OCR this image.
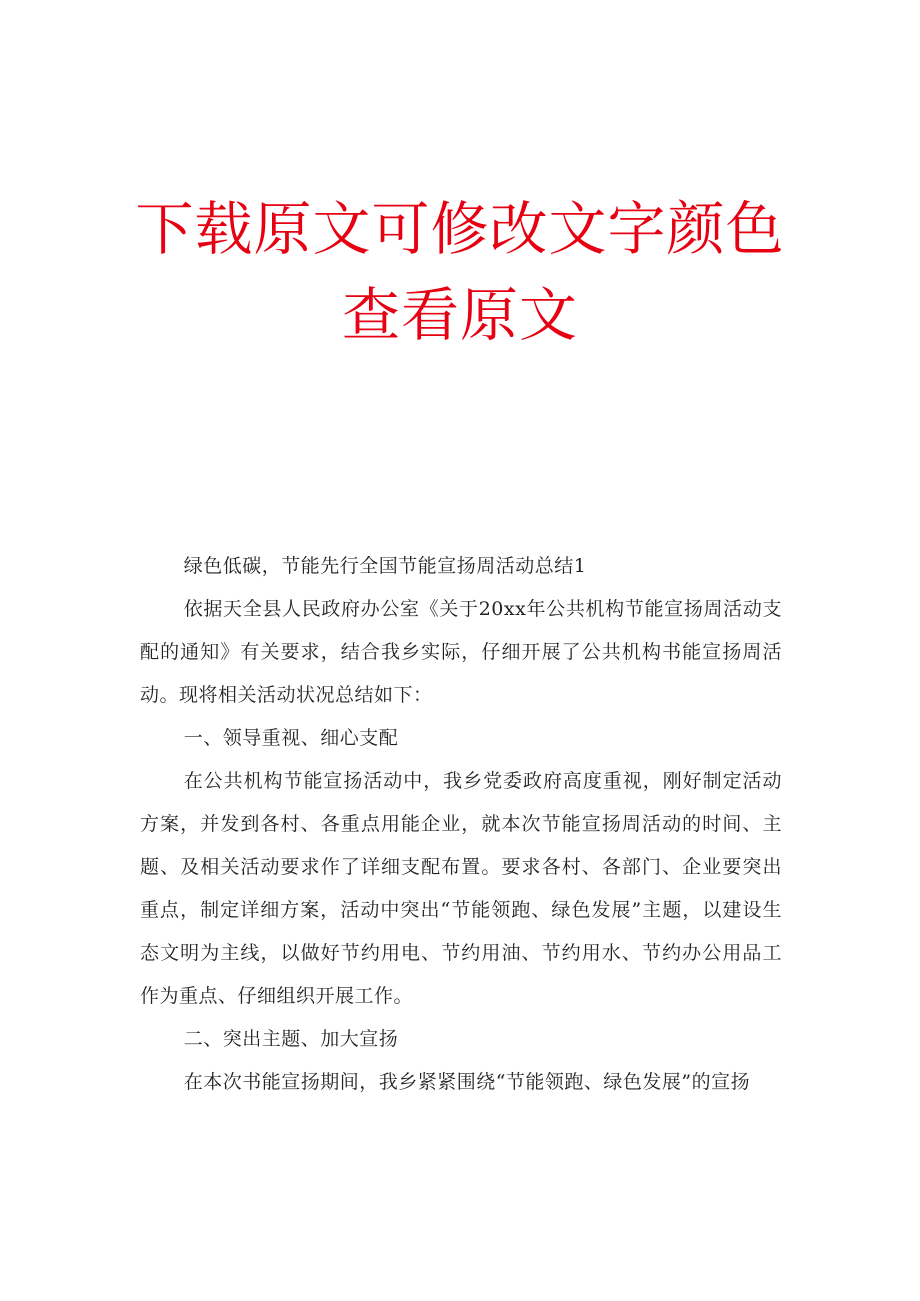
下载原文可修改文字颜色
查看原文

绿色低碳，节能先行全国节能宣扬周活动总结1

依据天全县人民政府办公室《关于20xx年公共机构节能宣扬周活动支配的通知》有关要求，结合我乡实际，仔细开展了公共机构书能宣扬周活动。现将相关活动状况总结如下：

一、领导重视、细心支配

在公共机构节能宣扬活动中，我乡党委政府高度重视，刚好制定活动方案，并发到各村、各重点用能企业，就本次节能宣扬周活动的时间、主题、及相关活动要求作了详细支配布置。要求各村、各部门、企业要突出重点，制定详细方案，活动中突出“节能领跑、绿色发展”主题，以建设生态文明为主线，以做好节约用电、节约用油、节约用水、节约办公用品工作为重点、仔细组织开展工作。

二、突出主题、加大宣扬

在本次书能宣扬期间，我乡紧紧围绕“节能领跑、绿色发展”的宣扬
